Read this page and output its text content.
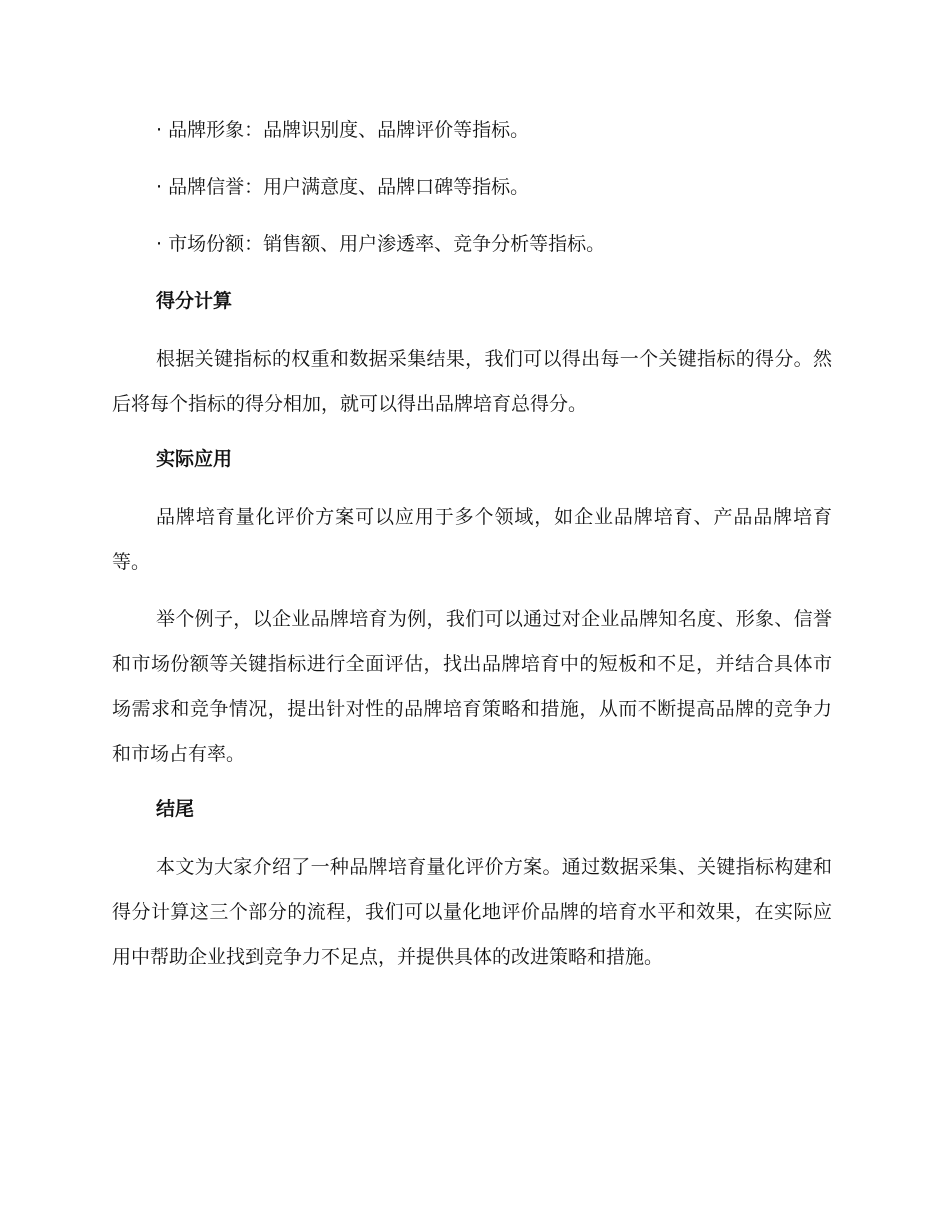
· 品牌形象：品牌识别度、品牌评价等指标。
· 品牌信誉：用户满意度、品牌口碑等指标。
· 市场份额：销售额、用户渗透率、竞争分析等指标。
得分计算

根据关键指标的权重和数据采集结果，我们可以得出每一个关键指标的得分。然后将每个指标的得分相加，就可以得出品牌培育总得分。

实际应用

品牌培育量化评价方案可以应用于多个领域，如企业品牌培育、产品品牌培育等。

举个例子，以企业品牌培育为例，我们可以通过对企业品牌知名度、形象、信誉和市场份额等关键指标进行全面评估，找出品牌培育中的短板和不足，并结合具体市场需求和竞争情况，提出针对性的品牌培育策略和措施，从而不断提高品牌的竞争力和市场占有率。

结尾

本文为大家介绍了一种品牌培育量化评价方案。通过数据采集、关键指标构建和得分计算这三个部分的流程，我们可以量化地评价品牌的培育水平和效果，在实际应用中帮助企业找到竞争力不足点，并提供具体的改进策略和措施。
